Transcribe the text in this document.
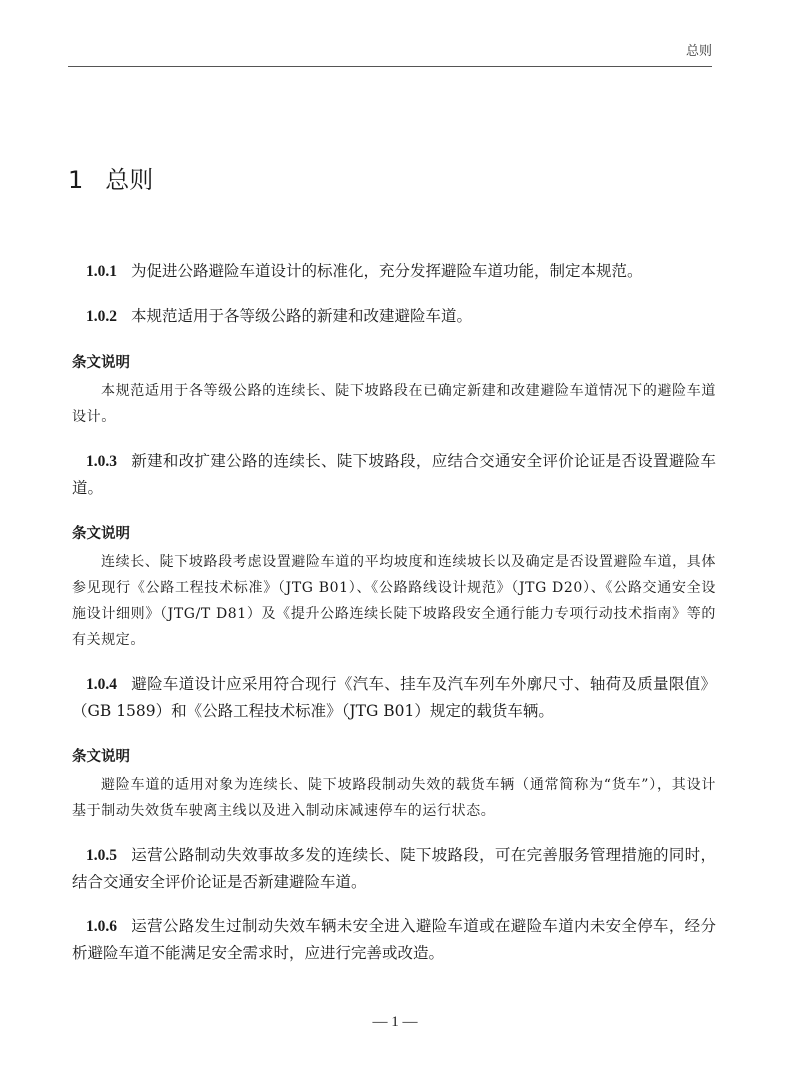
总则
1 总则

1.0.1 为促进公路避险车道设计的标准化，充分发挥避险车道功能，制定本规范。

1.0.2 本规范适用于各等级公路的新建和改建避险车道。

条文说明

本规范适用于各等级公路的连续长、陡下坡路段在已确定新建和改建避险车道情况下的避险车道设计。

1.0.3 新建和改扩建公路的连续长、陡下坡路段，应结合交通安全评价论证是否设置避险车道。

条文说明

连续长、陡下坡路段考虑设置避险车道的平均坡度和连续坡长以及确定是否设置避险车道，具体参见现行《公路工程技术标准》（JTG B01）、《公路路线设计规范》（JTG D20）、《公路交通安全设施设计细则》（JTG/T D81）及《提升公路连续长陡下坡路段安全通行能力专项行动技术指南》等的有关规定。

1.0.4 避险车道设计应采用符合现行《汽车、挂车及汽车列车外廓尺寸、轴荷及质量限值》（GB 1589）和《公路工程技术标准》（JTG B01）规定的载货车辆。

条文说明

避险车道的适用对象为连续长、陡下坡路段制动失效的载货车辆（通常简称为“货车”），其设计基于制动失效货车驶离主线以及进入制动床减速停车的运行状态。

1.0.5 运营公路制动失效事故多发的连续长、陡下坡路段，可在完善服务管理措施的同时，结合交通安全评价论证是否新建避险车道。

1.0.6 运营公路发生过制动失效车辆未安全进入避险车道或在避险车道内未安全停车，经分析避险车道不能满足安全需求时，应进行完善或改造。

— 1 —
